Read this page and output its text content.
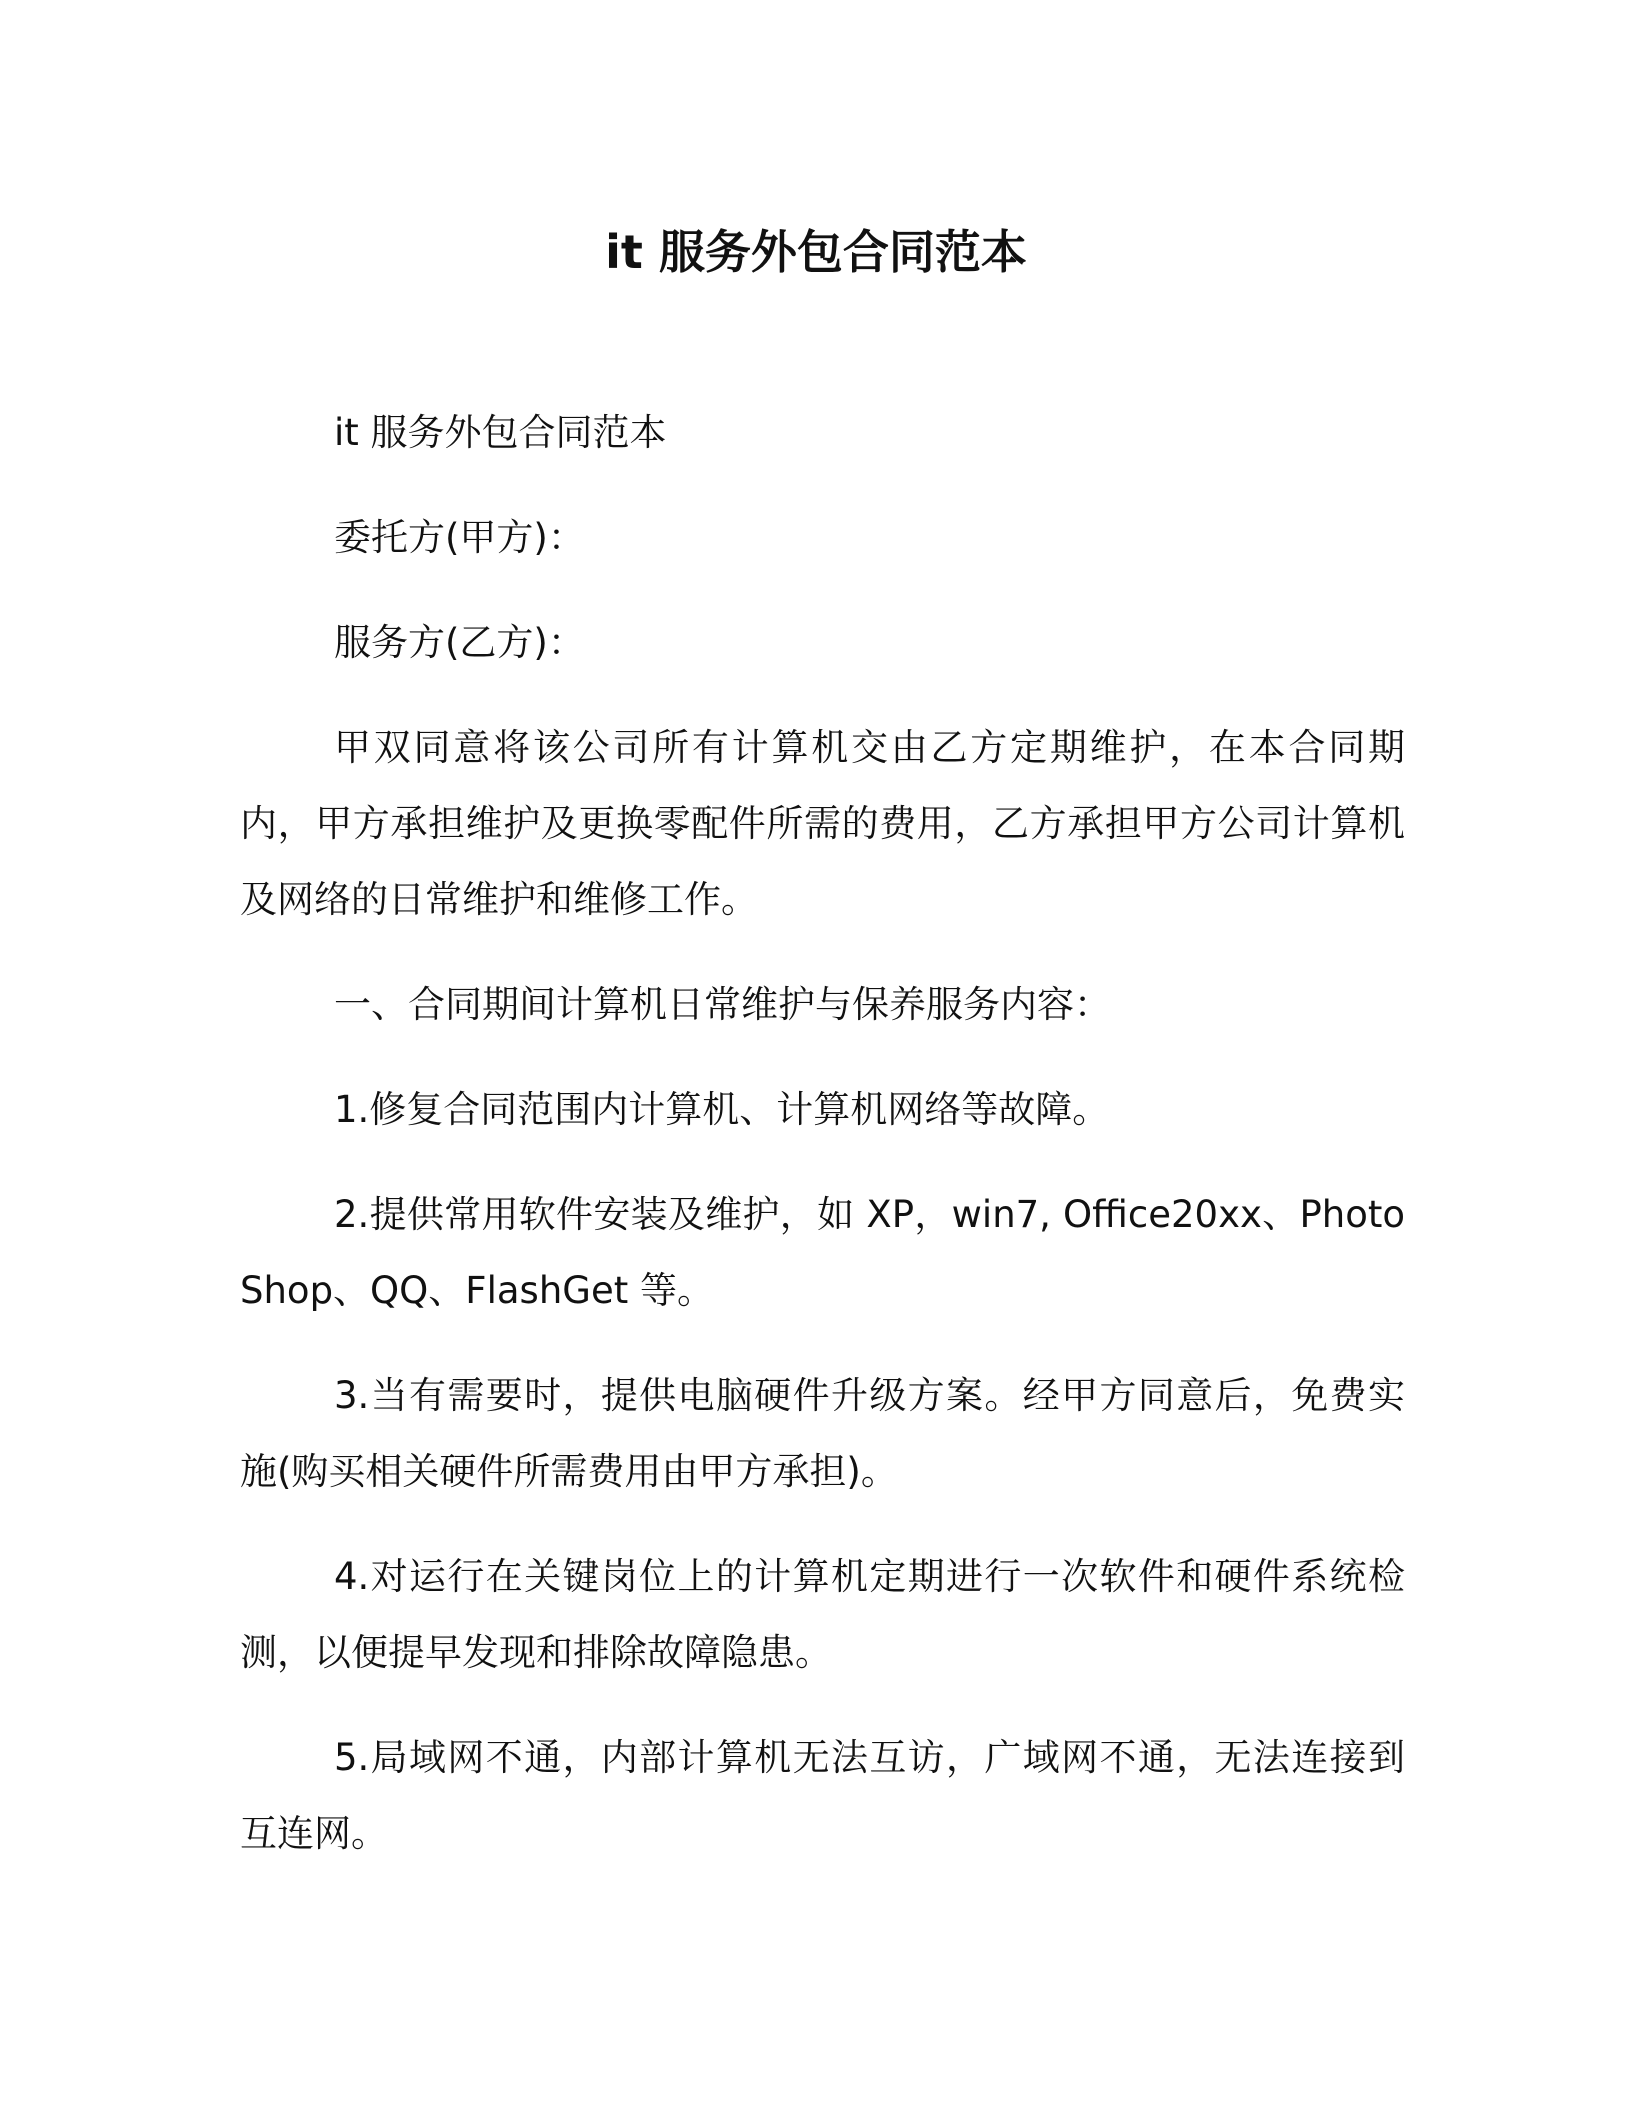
it 服务外包合同范本

it 服务外包合同范本

委托方(甲方)：

服务方(乙方)：

甲双同意将该公司所有计算机交由乙方定期维护，在本合同期内，甲方承担维护及更换零配件所需的费用，乙方承担甲方公司计算机及网络的日常维护和维修工作。

一、合同期间计算机日常维护与保养服务内容：

1.修复合同范围内计算机、计算机网络等故障。

2.提供常用软件安装及维护，如 XP，win7, Office20xx、PhotoShop、QQ、FlashGet 等。

3.当有需要时，提供电脑硬件升级方案。经甲方同意后，免费实施(购买相关硬件所需费用由甲方承担)。

4.对运行在关键岗位上的计算机定期进行一次软件和硬件系统检测，以便提早发现和排除故障隐患。

5.局域网不通，内部计算机无法互访，广域网不通，无法连接到互连网。
